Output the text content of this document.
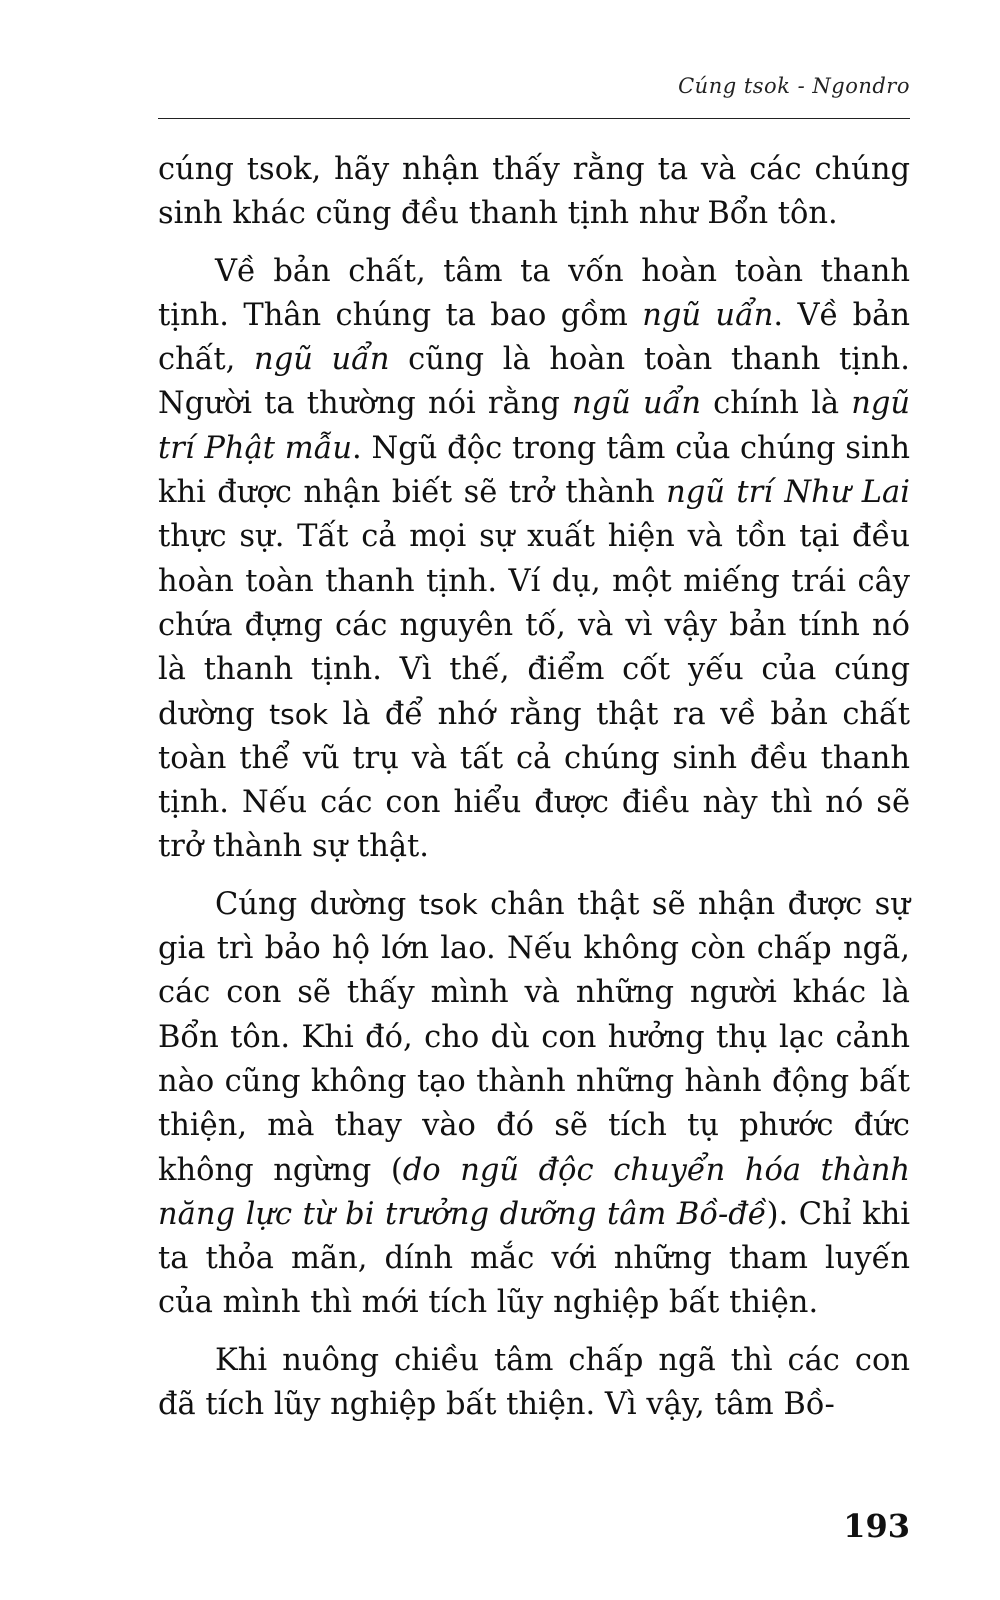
Cúng tsok - Ngondro

cúng tsok, hãy nhận thấy rằng ta và các chúng sinh khác cũng đều thanh tịnh như Bổn tôn.

Về bản chất, tâm ta vốn hoàn toàn thanh tịnh. Thân chúng ta bao gồm ngũ uẩn. Về bản chất, ngũ uẩn cũng là hoàn toàn thanh tịnh. Người ta thường nói rằng ngũ uẩn chính là ngũ trí Phật mẫu. Ngũ độc trong tâm của chúng sinh khi được nhận biết sẽ trở thành ngũ trí Như Lai thực sự. Tất cả mọi sự xuất hiện và tồn tại đều hoàn toàn thanh tịnh. Ví dụ, một miếng trái cây chứa đựng các nguyên tố, và vì vậy bản tính nó là thanh tịnh. Vì thế, điểm cốt yếu của cúng dường tsok là để nhớ rằng thật ra về bản chất toàn thể vũ trụ và tất cả chúng sinh đều thanh tịnh. Nếu các con hiểu được điều này thì nó sẽ trở thành sự thật.

Cúng dường tsok chân thật sẽ nhận được sự gia trì bảo hộ lớn lao. Nếu không còn chấp ngã, các con sẽ thấy mình và những người khác là Bổn tôn. Khi đó, cho dù con hưởng thụ lạc cảnh nào cũng không tạo thành những hành động bất thiện, mà thay vào đó sẽ tích tụ phước đức không ngừng (do ngũ độc chuyển hóa thành năng lực từ bi trưởng dưỡng tâm Bồ-đề). Chỉ khi ta thỏa mãn, dính mắc với những tham luyến của mình thì mới tích lũy nghiệp bất thiện.

Khi nuông chiều tâm chấp ngã thì các con đã tích lũy nghiệp bất thiện. Vì vậy, tâm Bồ-

193
